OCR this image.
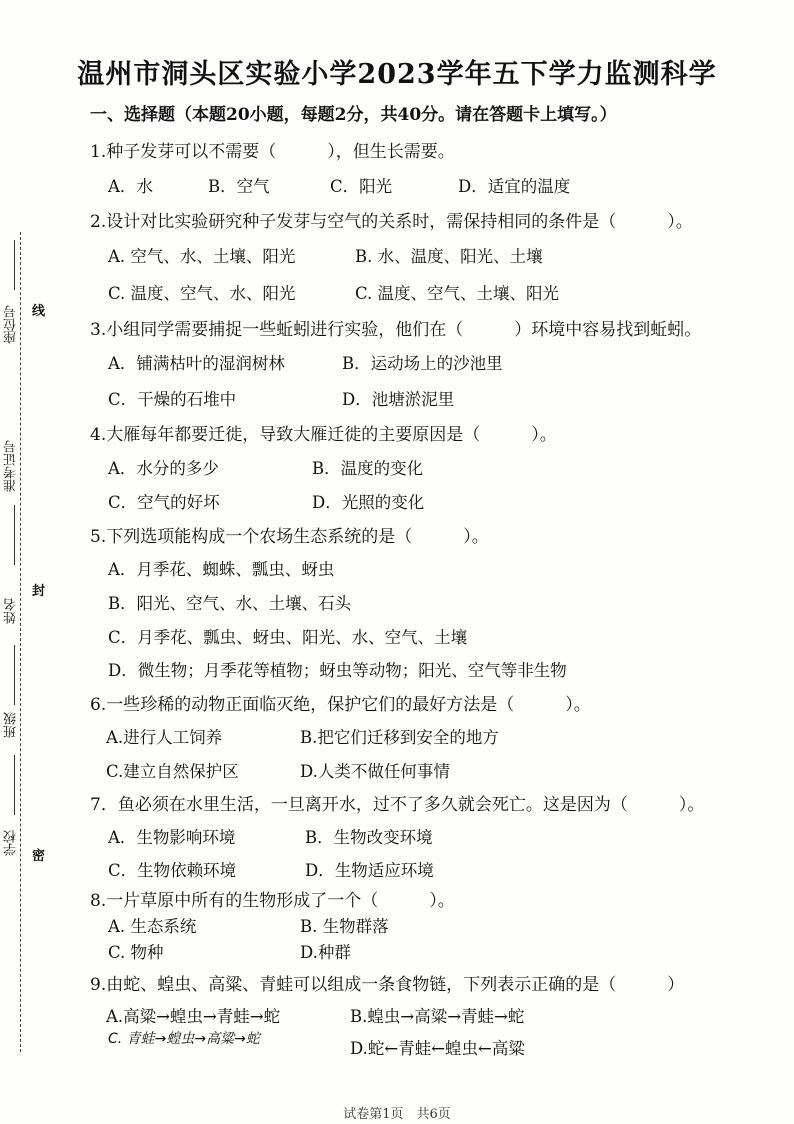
温州市洞头区实验小学2023学年五下学力监测科学
一、选择题（本题20小题，每题2分，共40分。请在答题卡上填写。）
座位号
准考证号
姓名
班级
学校
线
封
密
1.种子发芽可以不需要（　　　），但生长需要。
A．水	B．空气	C．阳光	D．适宜的温度
2.设计对比实验研究种子发芽与空气的关系时，需保持相同的条件是（　　　）。
A. 空气、水、土壤、阳光	B. 水、温度、阳光、土壤
C. 温度、空气、水、阳光	C. 温度、空气、土壤、阳光
3.小组同学需要捕捉一些蚯蚓进行实验，他们在（　　　）环境中容易找到蚯蚓。
A．铺满枯叶的湿润树林	B．运动场上的沙池里
C．干燥的石堆中	D．池塘淤泥里
4.大雁每年都要迁徙，导致大雁迁徙的主要原因是（　　　）。
A．水分的多少	B．温度的变化
C．空气的好坏	D．光照的变化
5.下列选项能构成一个农场生态系统的是（　　　）。
A．月季花、蜘蛛、瓢虫、蚜虫
B．阳光、空气、水、土壤、石头
C．月季花、瓢虫、蚜虫、阳光、水、空气、土壤
D．微生物；月季花等植物；蚜虫等动物；阳光、空气等非生物
6.一些珍稀的动物正面临灭绝，保护它们的最好方法是（　　　）。
A.进行人工饲养	B.把它们迁移到安全的地方
C.建立自然保护区	D.人类不做任何事情
7．鱼必须在水里生活，一旦离开水，过不了多久就会死亡。这是因为（　　　）。
A．生物影响环境	B．生物改变环境
C．生物依赖环境	D．生物适应环境
8.一片草原中所有的生物形成了一个（　　　）。
A. 生态系统	B. 生物群落
C. 物种	D.种群
9.由蛇、蝗虫、高粱、青蛙可以组成一条食物链，下列表示正确的是（　　　）
A.高粱→蝗虫→青蛙→蛇	B.蝗虫→高粱→青蛙→蛇
C. 青蛙→蝗虫→高粱→蛇	D.蛇←青蛙←蝗虫←高粱
试卷第1页　共6页
